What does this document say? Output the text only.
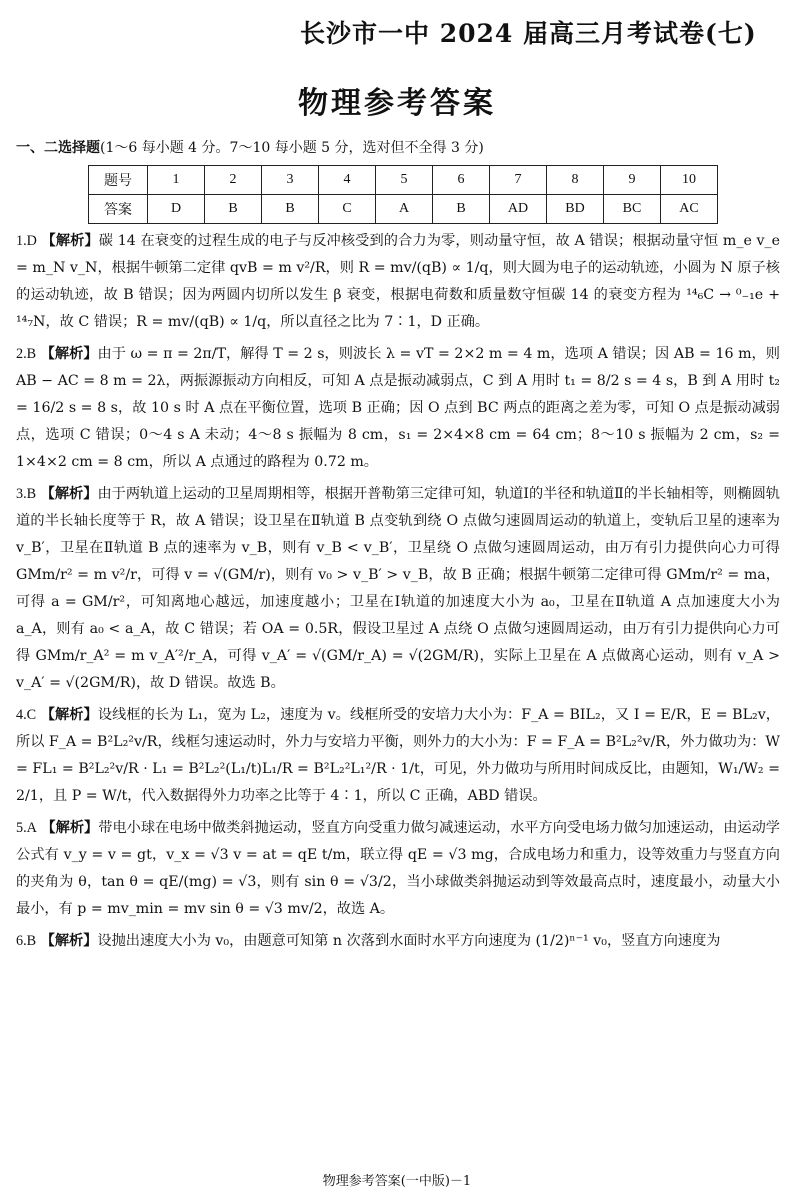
长沙市一中 2024 届高三月考试卷(七)
物理参考答案
一、二选择题(1～6 每小题 4 分。7～10 每小题 5 分，选对但不全得 3 分)
题号	1	2	3	4	5	6	7	8	9	10
答案	D	B	B	C	A	B	AD	BD	BC	AC

1.D 【解析】碳 14 在衰变的过程生成的电子与反冲核受到的合力为零，则动量守恒，故 A 错误；根据动量守恒 m_e v_e = m_N v_N，根据牛顿第二定律 qvB = m v²/R，则 R = mv/(qB) ∝ 1/q，则大圆为电子的运动轨迹，小圆为 N 原子核的运动轨迹，故 B 错误；因为两圆内切所以发生 β 衰变，根据电荷数和质量数守恒碳 14 的衰变方程为 ¹⁴₆C → ⁰₋₁e + ¹⁴₇N，故 C 错误；R = mv/(qB) ∝ 1/q，所以直径之比为 7∶1，D 正确。

2.B 【解析】由于 ω = π = 2π/T，解得 T = 2 s，则波长 λ = vT = 2×2 m = 4 m，选项 A 错误；因 AB = 16 m，则 AB − AC = 8 m = 2λ，两振源振动方向相反，可知 A 点是振动减弱点，C 到 A 用时 t₁ = 8/2 s = 4 s，B 到 A 用时 t₂ = 16/2 s = 8 s，故 10 s 时 A 点在平衡位置，选项 B 正确；因 O 点到 BC 两点的距离之差为零，可知 O 点是振动减弱点，选项 C 错误；0～4 s A 未动；4～8 s 振幅为 8 cm，s₁ = 2×4×8 cm = 64 cm；8～10 s 振幅为 2 cm，s₂ = 1×4×2 cm = 8 cm，所以 A 点通过的路程为 0.72 m。

3.B 【解析】由于两轨道上运动的卫星周期相等，根据开普勒第三定律可知，轨道Ⅰ的半径和轨道Ⅱ的半长轴相等，则椭圆轨道的半长轴长度等于 R，故 A 错误；设卫星在Ⅱ轨道 B 点变轨到绕 O 点做匀速圆周运动的轨道上，变轨后卫星的速率为 v_B′，卫星在Ⅱ轨道 B 点的速率为 v_B，则有 v_B < v_B′，卫星绕 O 点做匀速圆周运动，由万有引力提供向心力可得 GMm/r² = m v²/r，可得 v = √(GM/r)，则有 v₀ > v_B′ > v_B，故 B 正确；根据牛顿第二定律可得 GMm/r² = ma，可得 a = GM/r²，可知离地心越远，加速度越小；卫星在Ⅰ轨道的加速度大小为 a₀，卫星在Ⅱ轨道 A 点加速度大小为 a_A，则有 a₀ < a_A，故 C 错误；若 OA = 0.5R，假设卫星过 A 点绕 O 点做匀速圆周运动，由万有引力提供向心力可得 GMm/r_A² = m v_A′²/r_A，可得 v_A′ = √(GM/r_A) = √(2GM/R)，实际上卫星在 A 点做离心运动，则有 v_A > v_A′ = √(2GM/R)，故 D 错误。故选 B。

4.C 【解析】设线框的长为 L₁，宽为 L₂，速度为 v。线框所受的安培力大小为：F_A = BIL₂，又 I = E/R，E = BL₂v，所以 F_A = B²L₂²v/R，线框匀速运动时，外力与安培力平衡，则外力的大小为：F = F_A = B²L₂²v/R，外力做功为：W = FL₁ = B²L₂²v/R · L₁ = B²L₂²(L₁/t)L₁/R = B²L₂²L₁²/R · 1/t，可见，外力做功与所用时间成反比，由题知，W₁/W₂ = 2/1，且 P = W/t，代入数据得外力功率之比等于 4∶1，所以 C 正确，ABD 错误。

5.A 【解析】带电小球在电场中做类斜抛运动，竖直方向受重力做匀减速运动，水平方向受电场力做匀加速运动，由运动学公式有 v_y = v = gt，v_x = √3 v = at = qE t/m，联立得 qE = √3 mg，合成电场力和重力，设等效重力与竖直方向的夹角为 θ，tan θ = qE/(mg) = √3，则有 sin θ = √3/2，当小球做类斜抛运动到等效最高点时，速度最小，动量大小最小，有 p = mv_min = mv sin θ = √3 mv/2，故选 A。

6.B 【解析】设抛出速度大小为 v₀，由题意可知第 n 次落到水面时水平方向速度为 (1/2)ⁿ⁻¹ v₀，竖直方向速度为

物理参考答案(一中版)－1
